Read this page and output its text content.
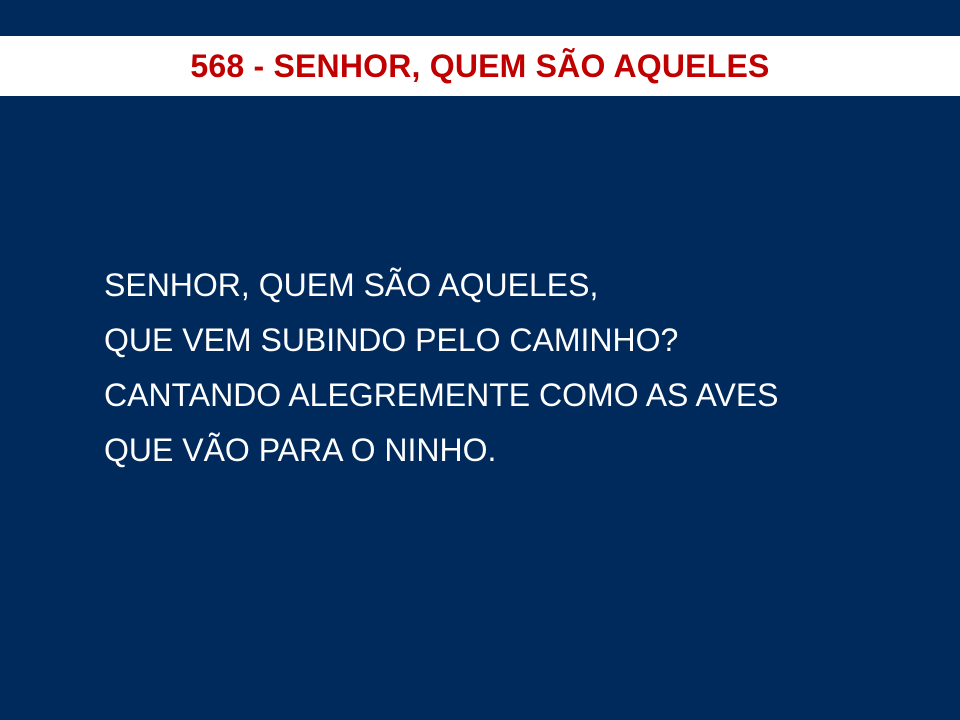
568 - SENHOR, QUEM SÃO AQUELES
SENHOR, QUEM SÃO AQUELES,
QUE VEM SUBINDO PELO CAMINHO?
CANTANDO ALEGREMENTE COMO AS AVES
QUE VÃO PARA O NINHO.
